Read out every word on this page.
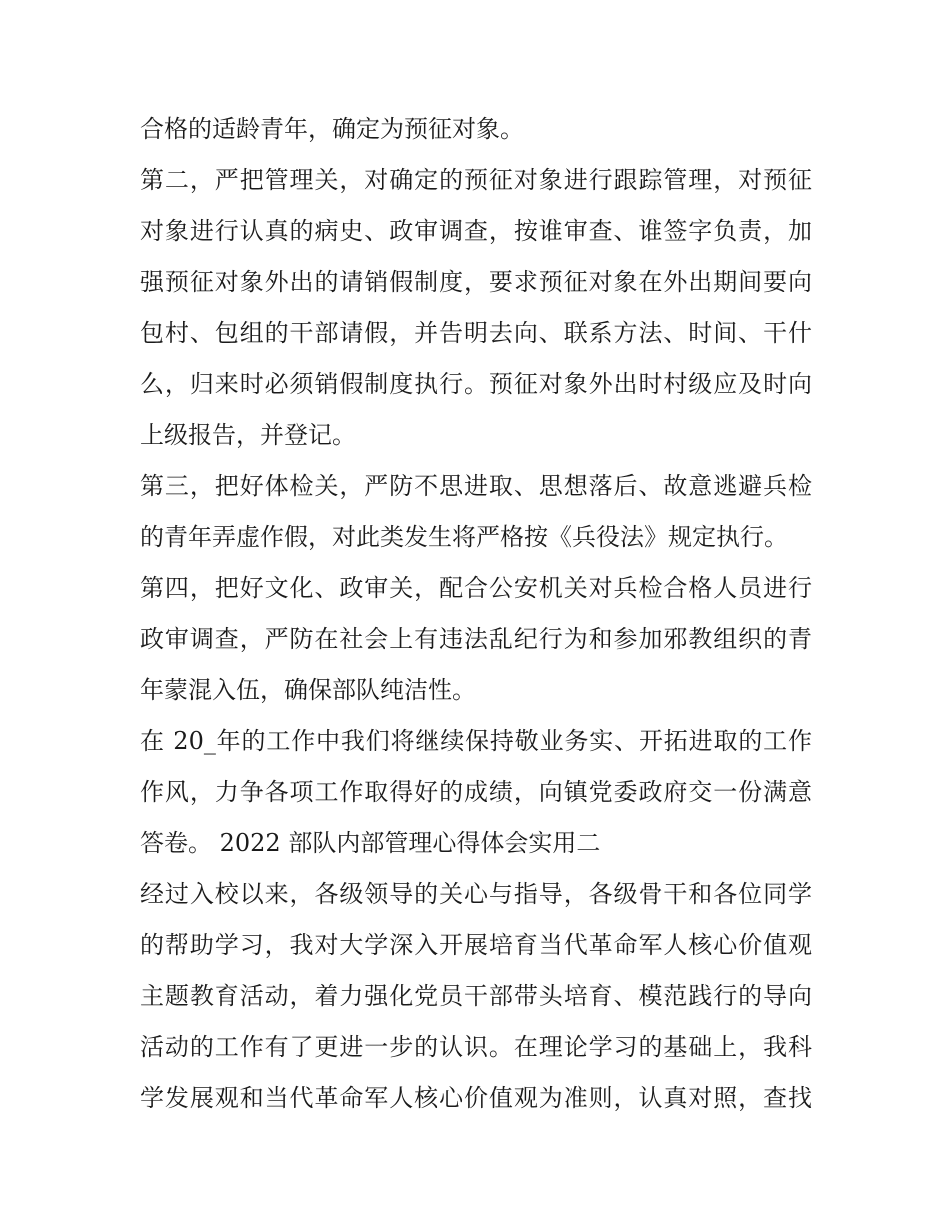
合格的适龄青年，确定为预征对象。
第二，严把管理关，对确定的预征对象进行跟踪管理，对预征
对象进行认真的病史、政审调查，按谁审查、谁签字负责，加
强预征对象外出的请销假制度，要求预征对象在外出期间要向
包村、包组的干部请假，并告明去向、联系方法、时间、干什
么，归来时必须销假制度执行。预征对象外出时村级应及时向
上级报告，并登记。
第三，把好体检关，严防不思进取、思想落后、故意逃避兵检
的青年弄虚作假，对此类发生将严格按《兵役法》规定执行。
第四，把好文化、政审关，配合公安机关对兵检合格人员进行
政审调查，严防在社会上有违法乱纪行为和参加邪教组织的青
年蒙混入伍，确保部队纯洁性。
在 20_年的工作中我们将继续保持敬业务实、开拓进取的工作
作风，力争各项工作取得好的成绩，向镇党委政府交一份满意
答卷。 2022 部队内部管理心得体会实用二
经过入校以来，各级领导的关心与指导，各级骨干和各位同学
的帮助学习，我对大学深入开展培育当代革命军人核心价值观
主题教育活动，着力强化党员干部带头培育、模范践行的导向
活动的工作有了更进一步的认识。在理论学习的基础上，我科
学发展观和当代革命军人核心价值观为准则，认真对照，查找
